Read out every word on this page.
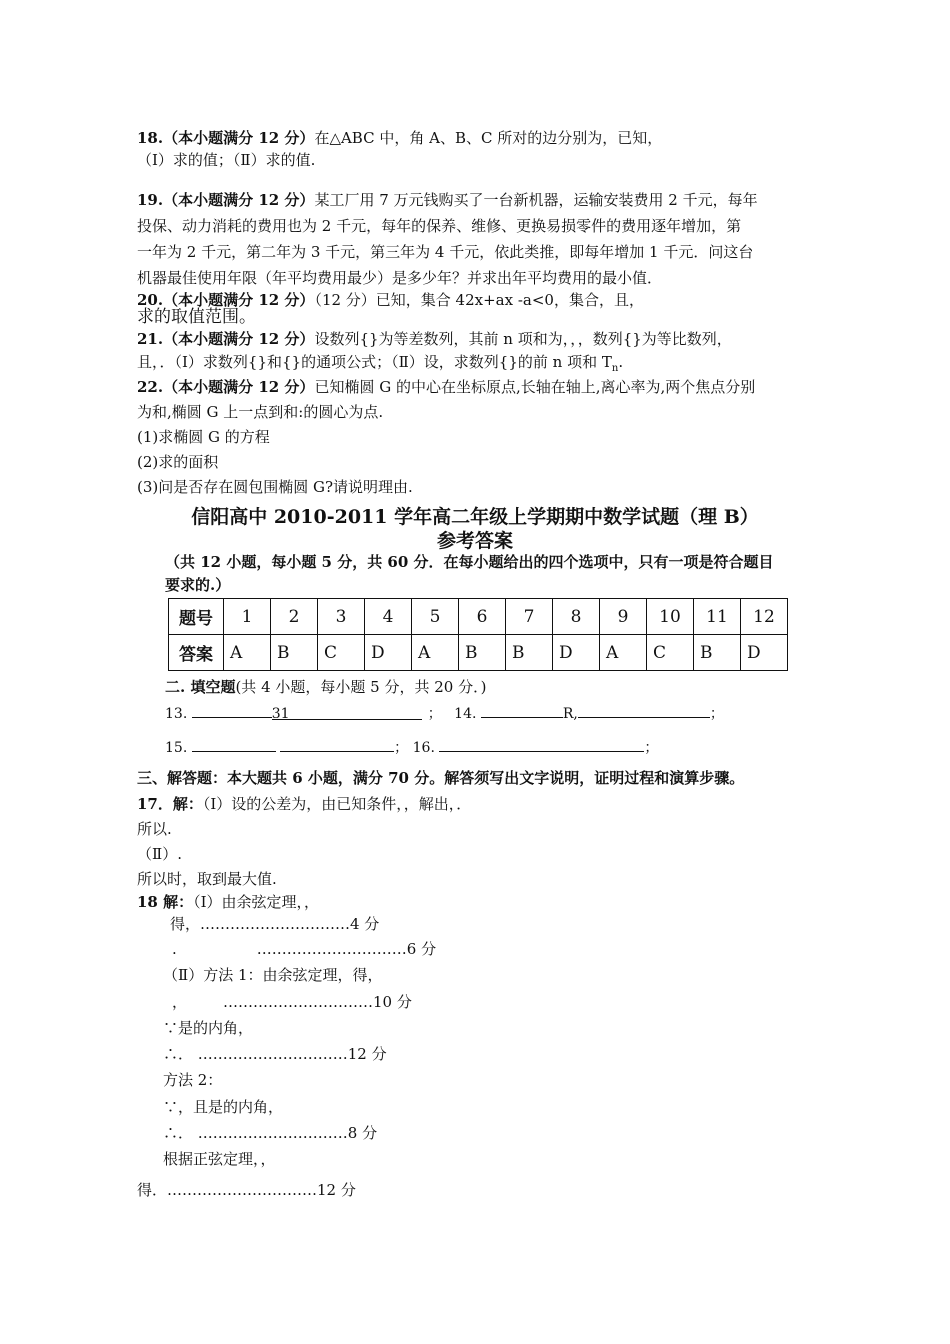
18.（本小题满分 12 分）在△ABC 中，角 A、B、C 所对的边分别为，已知，
（Ⅰ）求的值；（Ⅱ）求的值.
19.（本小题满分 12 分）某工厂用 7 万元钱购买了一台新机器，运输安装费用 2 千元，每年
投保、动力消耗的费用也为 2 千元，每年的保养、维修、更换易损零件的费用逐年增加，第
一年为 2 千元，第二年为 3 千元，第三年为 4 千元，依此类推，即每年增加 1 千元．问这台
机器最佳使用年限（年平均费用最少）是多少年？并求出年平均费用的最小值．
20.（本小题满分 12 分）（12 分）已知，集合 42x+ax -a<0，集合，且，
求的取值范围。
21.（本小题满分 12 分）设数列{}为等差数列，其前 n 项和为，，，数列{}为等比数列，
且，．（Ⅰ）求数列{}和{}的通项公式；（Ⅱ）设，求数列{}的前 n 项和 $T_n$.
22.（本小题满分 12 分）已知椭圆 G 的中心在坐标原点,长轴在轴上,离心率为,两个焦点分别
为和,椭圆 G 上一点到和:的圆心为点.
(1)求椭圆 G 的方程
(2)求的面积
(3)问是否存在圆包围椭圆 G?请说明理由.
信阳高中 2010-2011 学年高二年级上学期期中数学试题（理 B）
参考答案
（共 12 小题，每小题 5 分，共 60 分．在每小题给出的四个选项中，只有一项是符合题目
要求的.）
题号	1	2	3	4	5	6	7	8	9	10	11	12
答案	A	B	C	D	A	B	B	D	A	C	B	D
二. 填空题(共 4 小题，每小题 5 分，共 20 分．)
13.	31	； 14.	R,	；
15.	； 16.	；
三、解答题：本大题共 6 小题，满分 70 分。解答须写出文字说明，证明过程和演算步骤。
17．解：（Ⅰ）设的公差为，由已知条件，，解出，．
所以.
（Ⅱ）.
所以时，取到最大值.
18 解：（Ⅰ）由余弦定理，，
得，…………………………4 分
.	…………………………6 分
（Ⅱ）方法 1：由余弦定理，得，
， …………………………10 分
∵是的内角，
∴． …………………………12 分
方法 2：
∵，且是的内角，
∴． …………………………8 分
根据正弦定理，，
得．…………………………12 分
